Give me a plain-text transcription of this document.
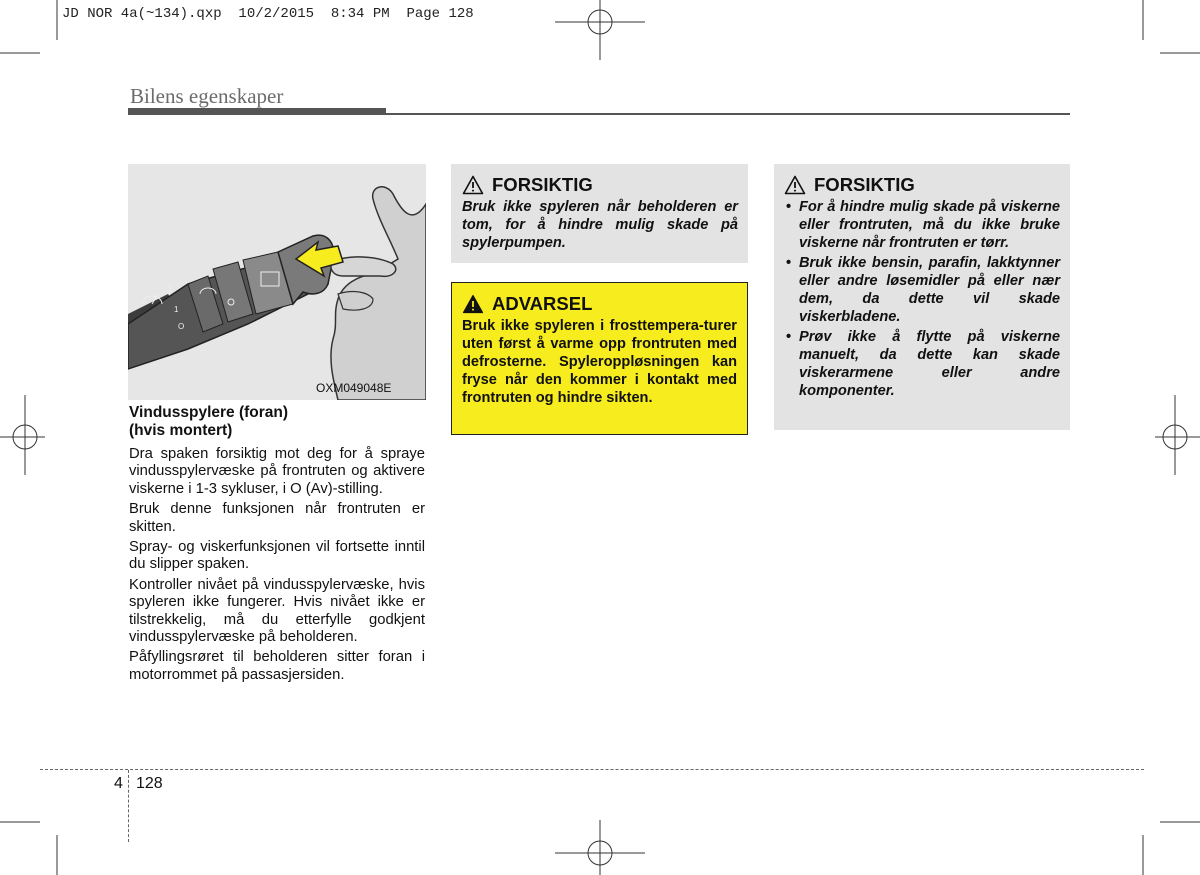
JD NOR 4a(~134).qxp  10/2/2015  8:34 PM  Page 128
Bilens egenskaper
2
1
O
OXM049048E
Vindusspylere (foran)
(hvis montert)

Dra spaken forsiktig mot deg for å spraye vindusspylervæske på frontruten og aktivere viskerne i 1-3 sykluser, i O (Av)-stilling.

Bruk denne funksjonen når frontruten er skitten.

Spray- og viskerfunksjonen vil fortsette inntil du slipper spaken.

Kontroller nivået på vindusspylervæske, hvis spyleren ikke fungerer. Hvis nivået ikke er tilstrekkelig, må du etterfylle godkjent vindusspylervæske på beholderen.

Påfyllingsrøret til beholderen sitter foran i motorrommet på passasjersiden.

FORSIKTIG
Bruk ikke spyleren når beholderen er tom, for å hindre mulig skade på spylerpumpen.
ADVARSEL
Bruk ikke spyleren i frosttempera-turer uten først å varme opp frontruten med defrosterne. Spyleroppløsningen kan fryse når den kommer i kontakt med frontruten og hindre sikten.
FORSIKTIG
• For å hindre mulig skade på viskerne eller frontruten, må du ikke bruke viskerne når frontruten er tørr.
• Bruk ikke bensin, parafin, lakktynner eller andre løsemidler på eller nær dem, da dette vil skade viskerbladene.
• Prøv ikke å flytte på viskerne manuelt, da dette kan skade viskerarmene eller andre komponenter.
4 128
